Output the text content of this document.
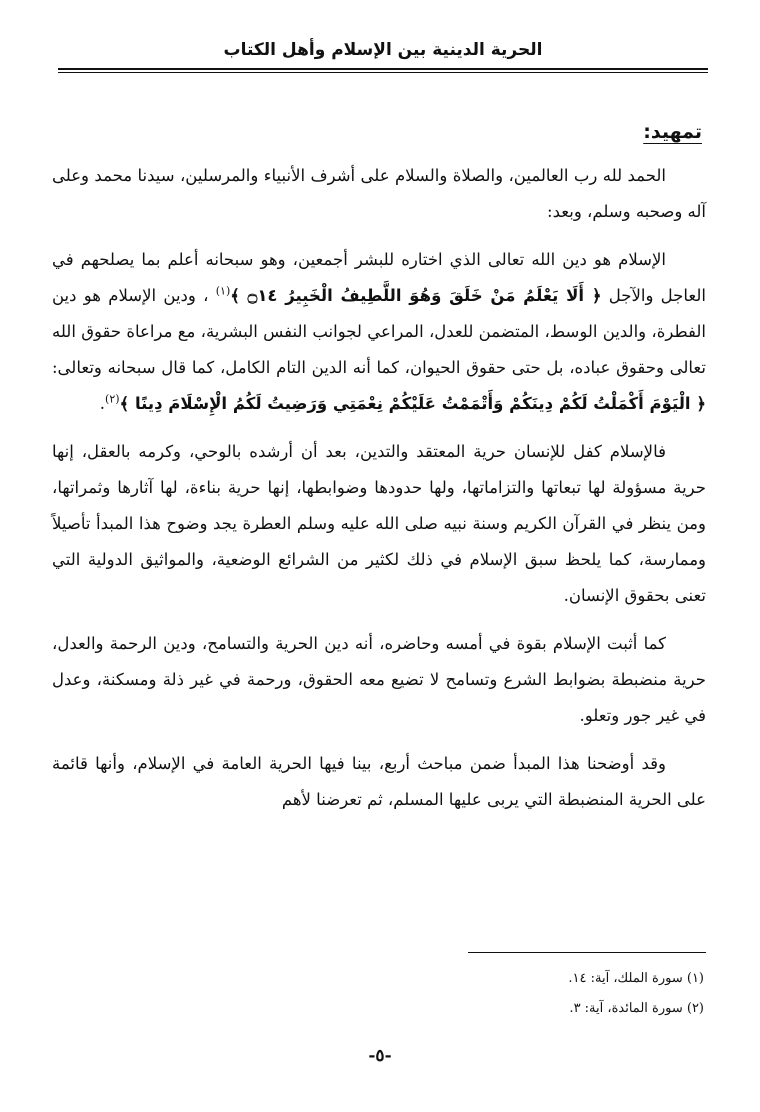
الحرية الدينية بين الإسلام وأهل الكتاب
تمهيد:

الحمد لله رب العالمين، والصلاة والسلام على أشرف الأنبياء والمرسلين، سيدنا محمد وعلى آله وصحبه وسلم، وبعد:

الإسلام هو دين الله تعالى الذي اختاره للبشر أجمعين، وهو سبحانه أعلم بما يصلحهم في العاجل والآجل ﴿ أَلَا يَعْلَمُ مَنْ خَلَقَ وَهُوَ اللَّطِيفُ الْخَبِيرُ ۝١٤ ﴾$^{(١)}$ ، ودين الإسلام هو دين الفطرة، والدين الوسط، المتضمن للعدل، المراعي لجوانب النفس البشرية، مع مراعاة حقوق الله تعالى وحقوق عباده، بل حتى حقوق الحيوان، كما أنه الدين التام الكامل، كما قال سبحانه وتعالى: ﴿ الْيَوْمَ أَكْمَلْتُ لَكُمْ دِينَكُمْ وَأَتْمَمْتُ عَلَيْكُمْ نِعْمَتِي وَرَضِيتُ لَكُمُ الْإِسْلَامَ دِينًا ﴾$^{(٢)}$.

فالإسلام كفل للإنسان حرية المعتقد والتدين، بعد أن أرشده بالوحي، وكرمه بالعقل، إنها حرية مسؤولة لها تبعاتها والتزاماتها، ولها حدودها وضوابطها، إنها حرية بناءة، لها آثارها وثمراتها، ومن ينظر في القرآن الكريم وسنة نبيه صلى الله عليه وسلم العطرة يجد وضوح هذا المبدأ تأصيلاً وممارسة، كما يلحظ سبق الإسلام في ذلك لكثير من الشرائع الوضعية، والمواثيق الدولية التي تعنى بحقوق الإنسان.

كما أثبت الإسلام بقوة في أمسه وحاضره، أنه دين الحرية والتسامح، ودين الرحمة والعدل، حرية منضبطة بضوابط الشرع وتسامح لا تضيع معه الحقوق، ورحمة في غير ذلة ومسكنة، وعدل في غير جور وتعلو.

وقد أوضحنا هذا المبدأ ضمن مباحث أربع، بينا فيها الحرية العامة في الإسلام، وأنها قائمة على الحرية المنضبطة التي يربى عليها المسلم، ثم تعرضنا لأهم

(١) سورة الملك، آية: ١٤.
(٢) سورة المائدة، آية: ٣.
-٥-
